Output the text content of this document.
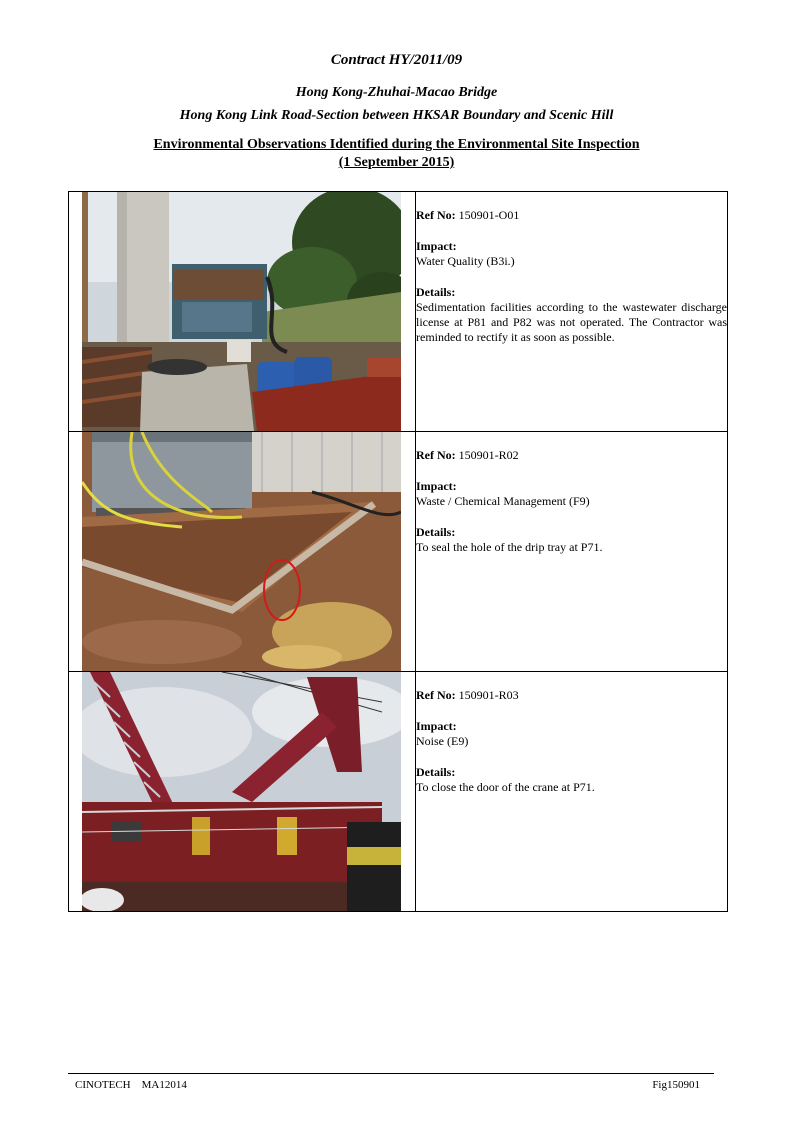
Contract HY/2011/09
Hong Kong-Zhuhai-Macao Bridge
Hong Kong Link Road-Section between HKSAR Boundary and Scenic Hill
Environmental Observations Identified during the Environmental Site Inspection
(1 September 2015)

Ref No: 150901-O01
Impact:
Water Quality (B3i.)
Details:
Sedimentation facilities according to the wastewater discharge license at P81 and P82 was not operated. The Contractor was reminded to rectify it as soon as possible.

Ref No: 150901-R02
Impact:
Waste / Chemical Management (F9)
Details:
To seal the hole of the drip tray at P71.

Ref No: 150901-R03
Impact:
Noise (E9)
Details:
To close the door of the crane at P71.
CINOTECH    MA12014	Fig150901
